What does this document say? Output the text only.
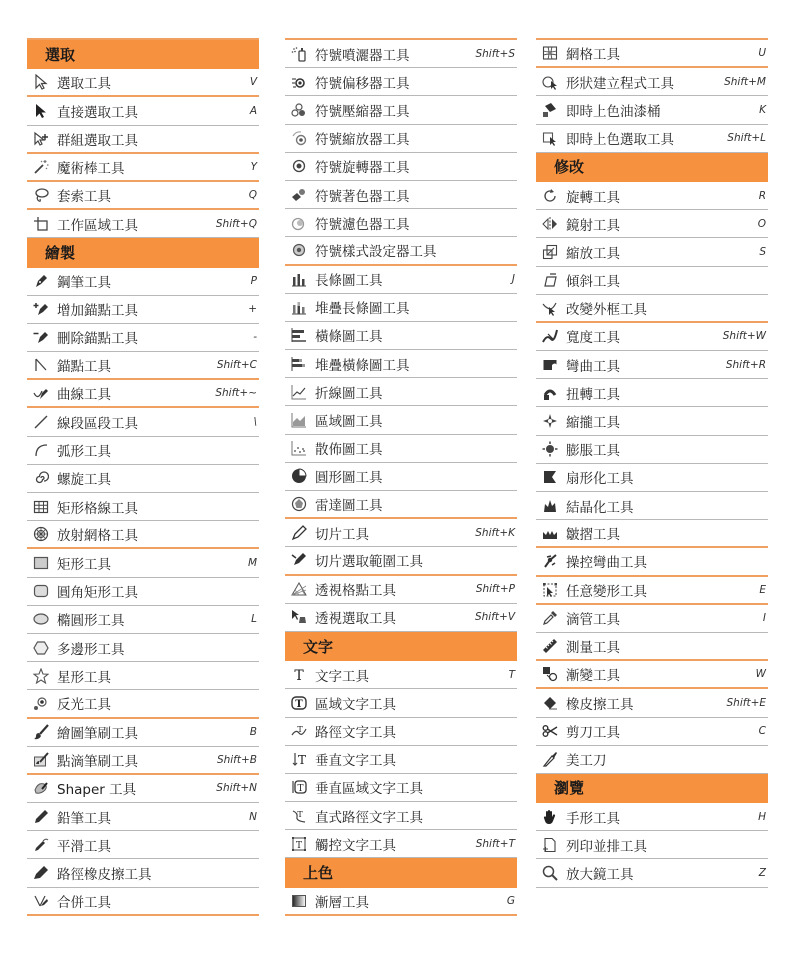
選取
選取工具	V
直接選取工具	A
群組選取工具
魔術棒工具	Y
套索工具	Q
工作區域工具	Shift+Q
繪製
鋼筆工具	P
增加錨點工具	+
刪除錨點工具	-
錨點工具	Shift+C
曲線工具	Shift+~
線段區段工具	\
弧形工具
螺旋工具
矩形格線工具
放射網格工具
矩形工具	M
圓角矩形工具
橢圓形工具	L
多邊形工具
星形工具
反光工具
繪圖筆刷工具	B
點滴筆刷工具	Shift+B
Shaper 工具	Shift+N
鉛筆工具	N
平滑工具
路徑橡皮擦工具
合併工具
符號噴灑器工具	Shift+S
符號偏移器工具
符號壓縮器工具
符號縮放器工具
符號旋轉器工具
符號著色器工具
符號濾色器工具
符號樣式設定器工具
長條圖工具	J
堆疊長條圖工具
橫條圖工具
堆疊橫條圖工具
折線圖工具
區域圖工具
散佈圖工具
圓形圖工具
雷達圖工具
切片工具	Shift+K
切片選取範圍工具
透視格點工具	Shift+P
透視選取工具	Shift+V
文字
T 文字工具	T
T 區域文字工具
T 路徑文字工具
T 垂直文字工具
T 垂直區域文字工具
T 直式路徑文字工具
T 觸控文字工具	Shift+T
上色
漸層工具	G
網格工具	U
形狀建立程式工具	Shift+M
即時上色油漆桶	K
即時上色選取工具	Shift+L
修改
旋轉工具	R
鏡射工具	O
縮放工具	S
傾斜工具
改變外框工具
寬度工具	Shift+W
彎曲工具	Shift+R
扭轉工具
縮攏工具
膨脹工具
扇形化工具
結晶化工具
皺摺工具
操控彎曲工具
任意變形工具	E
滴管工具	I
測量工具
漸變工具	W
橡皮擦工具	Shift+E
剪刀工具	C
美工刀
瀏覽
手形工具	H
列印並排工具
放大鏡工具	Z
